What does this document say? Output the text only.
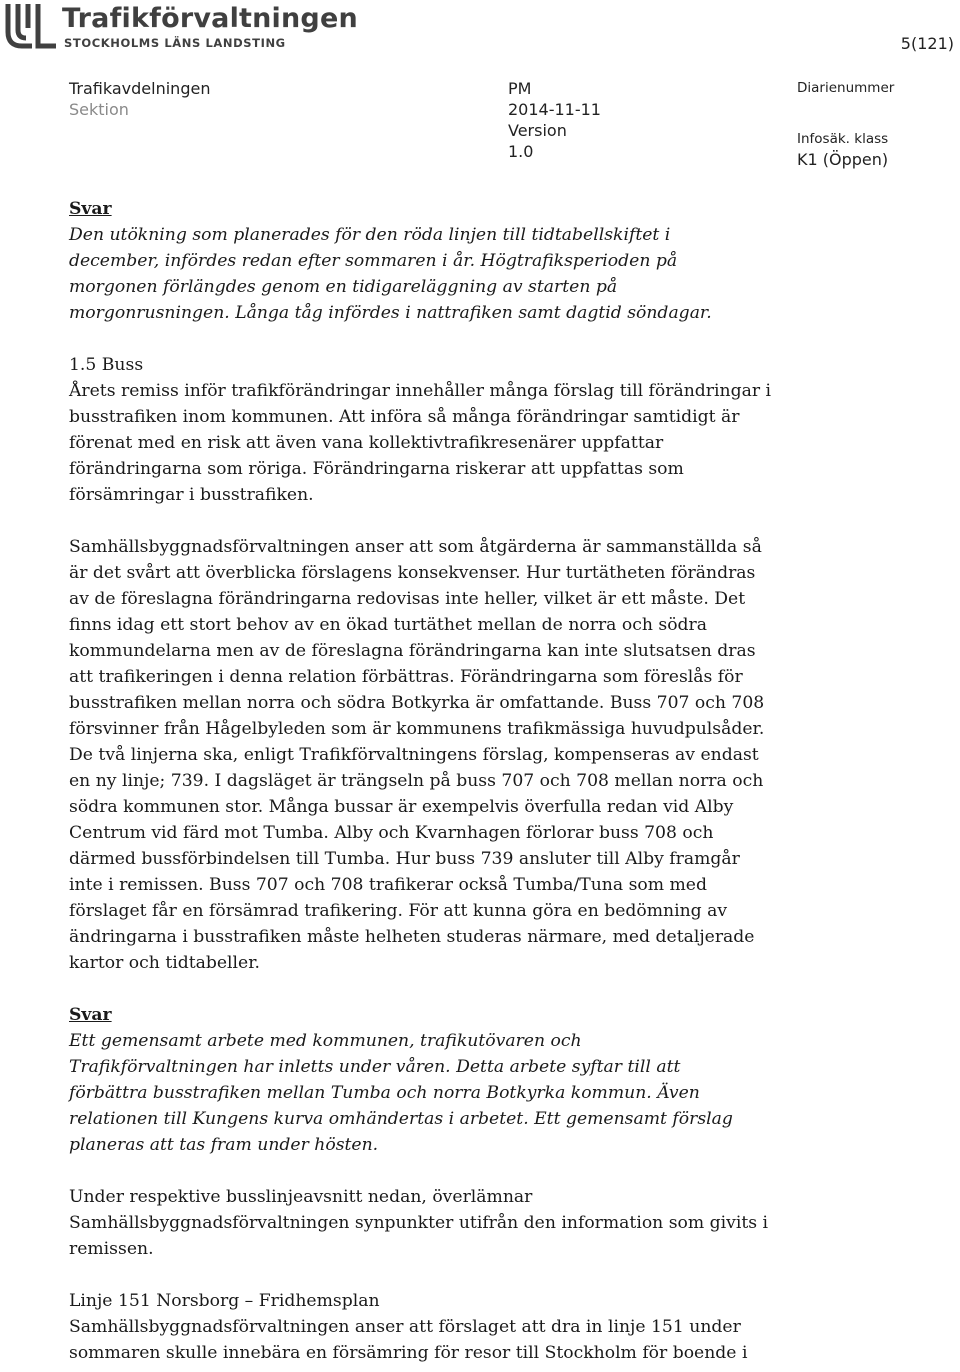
Trafikförvaltningen
STOCKHOLMS LÄNS LANDSTING	5(121)
Trafikavdelningen
Sektion
PM
2014-11-11
Version
1.0
Diarienummer
Infosäk. klass
K1 (Öppen)

Svar

Den utökning som planerades för den röda linjen till tidtabellskiftet i

december, infördes redan efter sommaren i år. Högtrafiksperioden på

morgonen förlängdes genom en tidigareläggning av starten på

morgonrusningen. Långa tåg infördes i nattrafiken samt dagtid söndagar.

1.5 Buss

Årets remiss inför trafikförändringar innehåller många förslag till förändringar i

busstrafiken inom kommunen. Att införa så många förändringar samtidigt är

förenat med en risk att även vana kollektivtrafikresenärer uppfattar

förändringarna som röriga. Förändringarna riskerar att uppfattas som

försämringar i busstrafiken.

Samhällsbyggnadsförvaltningen anser att som åtgärderna är sammanställda så

är det svårt att överblicka förslagens konsekvenser. Hur turtätheten förändras

av de föreslagna förändringarna redovisas inte heller, vilket är ett måste. Det

finns idag ett stort behov av en ökad turtäthet mellan de norra och södra

kommundelarna men av de föreslagna förändringarna kan inte slutsatsen dras

att trafikeringen i denna relation förbättras. Förändringarna som föreslås för

busstrafiken mellan norra och södra Botkyrka är omfattande. Buss 707 och 708

försvinner från Hågelbyleden som är kommunens trafikmässiga huvudpulsåder.

De två linjerna ska, enligt Trafikförvaltningens förslag, kompenseras av endast

en ny linje; 739. I dagsläget är trängseln på buss 707 och 708 mellan norra och

södra kommunen stor. Många bussar är exempelvis överfulla redan vid Alby

Centrum vid färd mot Tumba. Alby och Kvarnhagen förlorar buss 708 och

därmed bussförbindelsen till Tumba. Hur buss 739 ansluter till Alby framgår

inte i remissen. Buss 707 och 708 trafikerar också Tumba/Tuna som med

förslaget får en försämrad trafikering. För att kunna göra en bedömning av

ändringarna i busstrafiken måste helheten studeras närmare, med detaljerade

kartor och tidtabeller.

Svar

Ett gemensamt arbete med kommunen, trafikutövaren och

Trafikförvaltningen har inletts under våren. Detta arbete syftar till att

förbättra busstrafiken mellan Tumba och norra Botkyrka kommun. Även

relationen till Kungens kurva omhändertas i arbetet. Ett gemensamt förslag

planeras att tas fram under hösten.

Under respektive busslinjeavsnitt nedan, överlämnar

Samhällsbyggnadsförvaltningen synpunkter utifrån den information som givits i

remissen.

Linje 151 Norsborg – Fridhemsplan

Samhällsbyggnadsförvaltningen anser att förslaget att dra in linje 151 under

sommaren skulle innebära en försämring för resor till Stockholm för boende i
